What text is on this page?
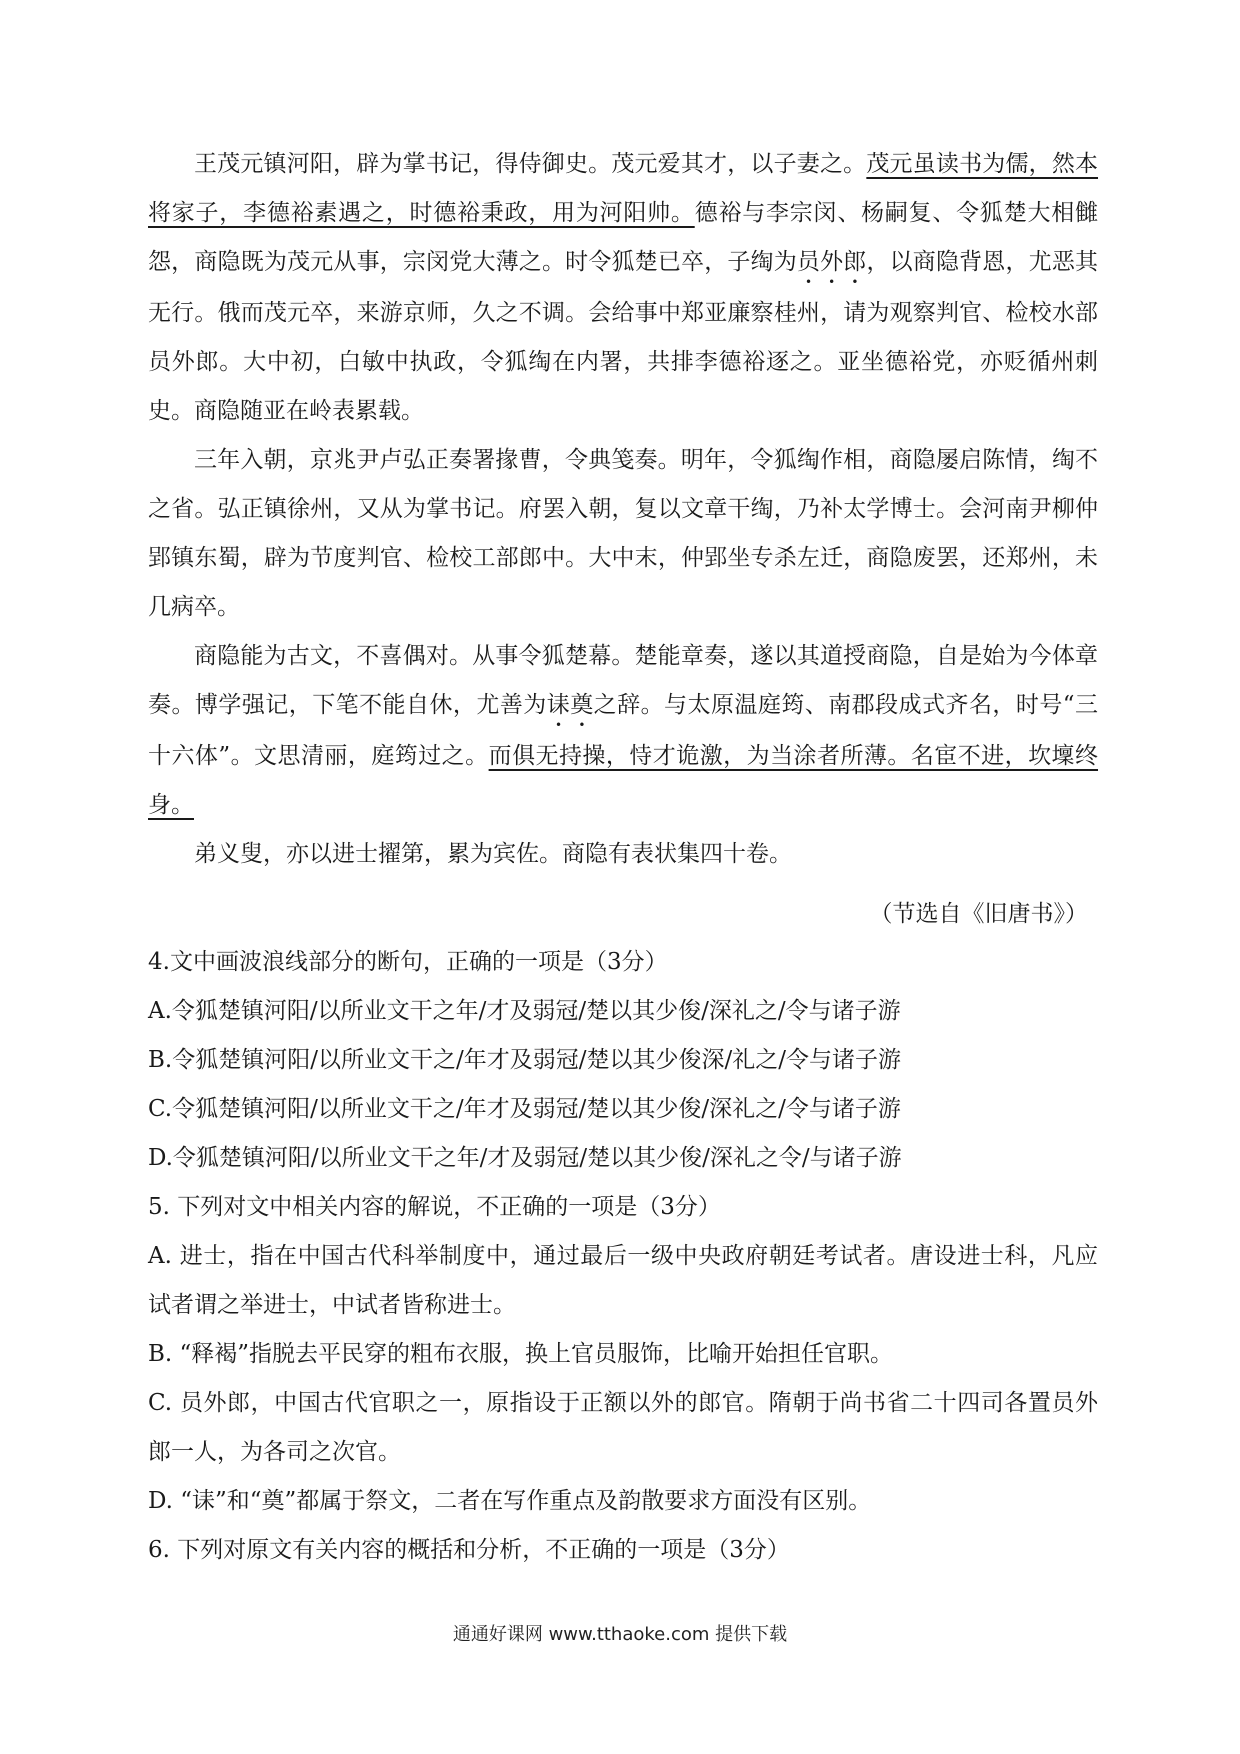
王茂元镇河阳，辟为掌书记，得侍御史。茂元爱其才，以子妻之。茂元虽读书为儒，然本将家子，李德裕素遇之，时德裕秉政，用为河阳帅。德裕与李宗闵、杨嗣复、令狐楚大相雠怨，商隐既为茂元从事，宗闵党大薄之。时令狐楚已卒，子绹为员外郎，以商隐背恩，尤恶其无行。俄而茂元卒，来游京师，久之不调。会给事中郑亚廉察桂州，请为观察判官、检校水部员外郎。大中初，白敏中执政，令狐绹在内署，共排李德裕逐之。亚坐德裕党，亦贬循州刺史。商隐随亚在岭表累载。

三年入朝，京兆尹卢弘正奏署掾曹，令典笺奏。明年，令狐绹作相，商隐屡启陈情，绹不之省。弘正镇徐州，又从为掌书记。府罢入朝，复以文章干绹，乃补太学博士。会河南尹柳仲郢镇东蜀，辟为节度判官、检校工部郎中。大中末，仲郢坐专杀左迁，商隐废罢，还郑州，未几病卒。

商隐能为古文，不喜偶对。从事令狐楚幕。楚能章奏，遂以其道授商隐，自是始为今体章奏。博学强记，下笔不能自休，尤善为诔奠之辞。与太原温庭筠、南郡段成式齐名，时号“三十六体”。文思清丽，庭筠过之。而俱无持操，恃才诡激，为当涂者所薄。名宦不进，坎壈终身。

弟义叟，亦以进士擢第，累为宾佐。商隐有表状集四十卷。

（节选自《旧唐书》）

4.文中画波浪线部分的断句，正确的一项是（3分）

A.令狐楚镇河阳/以所业文干之年/才及弱冠/楚以其少俊/深礼之/令与诸子游

B.令狐楚镇河阳/以所业文干之/年才及弱冠/楚以其少俊深/礼之/令与诸子游

C.令狐楚镇河阳/以所业文干之/年才及弱冠/楚以其少俊/深礼之/令与诸子游

D.令狐楚镇河阳/以所业文干之年/才及弱冠/楚以其少俊/深礼之令/与诸子游

5. 下列对文中相关内容的解说，不正确的一项是（3分）

A. 进士，指在中国古代科举制度中，通过最后一级中央政府朝廷考试者。唐设进士科，凡应试者谓之举进士，中试者皆称进士。

B. “释褐”指脱去平民穿的粗布衣服，换上官员服饰，比喻开始担任官职。

C. 员外郎，中国古代官职之一，原指设于正额以外的郎官。隋朝于尚书省二十四司各置员外郎一人，为各司之次官。

D. “诔”和“奠”都属于祭文，二者在写作重点及韵散要求方面没有区别。

6. 下列对原文有关内容的概括和分析，不正确的一项是（3分）

通通好课网 www.tthaoke.com 提供下载
